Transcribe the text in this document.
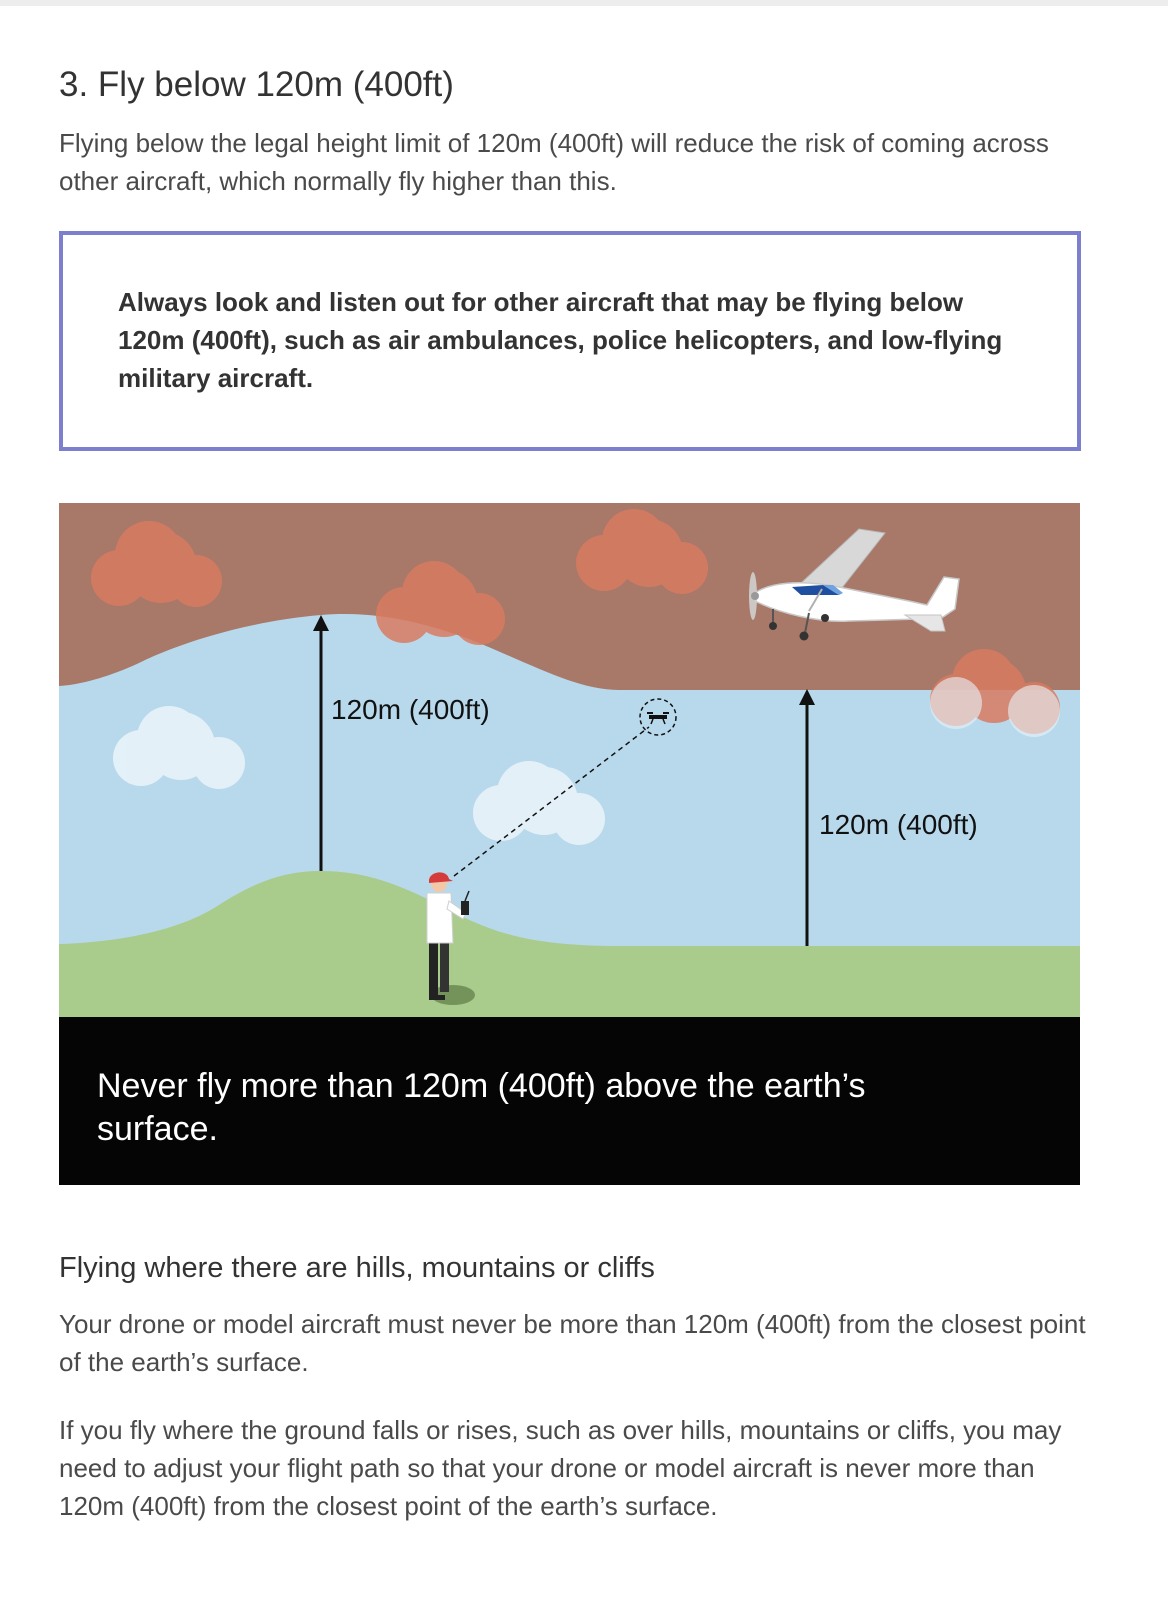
3. Fly below 120m (400ft)

Flying below the legal height limit of 120m (400ft) will reduce the risk of coming across other aircraft, which normally fly higher than this.

Always look and listen out for other aircraft that may be flying below 120m (400ft), such as air ambulances, police helicopters, and low-flying military aircraft.

120m (400ft)
120m (400ft)

Never fly more than 120m (400ft) above the earth’s surface.

Flying where there are hills, mountains or cliffs

Your drone or model aircraft must never be more than 120m (400ft) from the closest point of the earth’s surface.

If you fly where the ground falls or rises, such as over hills, mountains or cliffs, you may need to adjust your flight path so that your drone or model aircraft is never more than 120m (400ft) from the closest point of the earth’s surface.
